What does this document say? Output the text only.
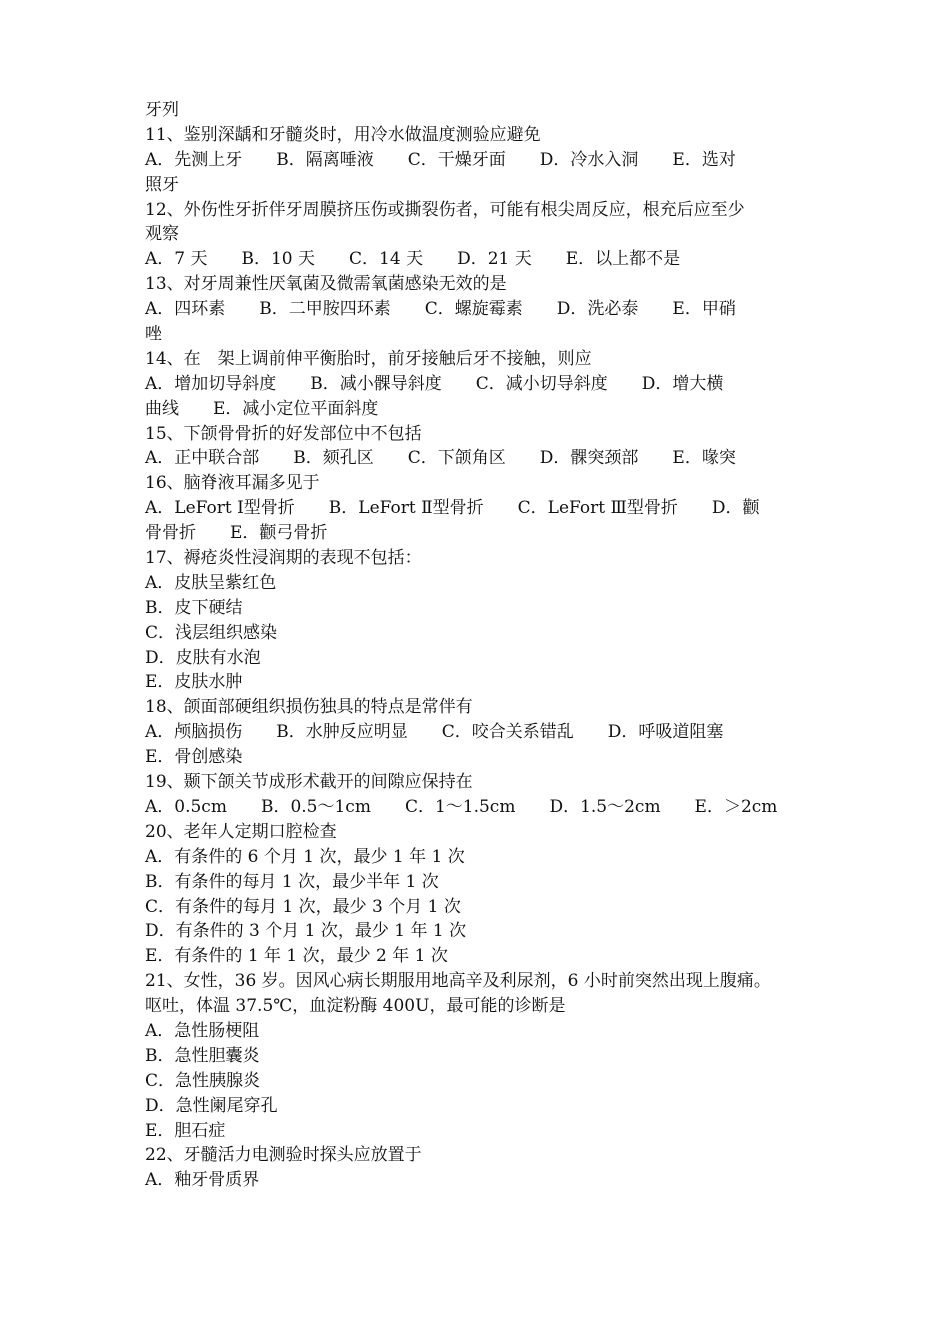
牙列
11、鉴别深龋和牙髓炎时，用冷水做温度测验应避免
A．先测上牙　　B．隔离唾液　　C．干燥牙面　　D．冷水入洞　　E．选对
照牙
12、外伤性牙折伴牙周膜挤压伤或撕裂伤者，可能有根尖周反应，根充后应至少
观察
A．7 天　　B．10 天　　C．14 天　　D．21 天　　E．以上都不是
13、对牙周兼性厌氧菌及微需氧菌感染无效的是
A．四环素　　B．二甲胺四环素　　C．螺旋霉素　　D．洗必泰　　E．甲硝
唑
14、在　架上调前伸平衡胎时，前牙接触后牙不接触，则应
A．增加切导斜度　　B．减小髁导斜度　　C．减小切导斜度　　D．增大横
曲线　　E．减小定位平面斜度
15、下颌骨骨折的好发部位中不包括
A．正中联合部　　B．颏孔区　　C．下颌角区　　D．髁突颈部　　E．喙突
16、脑脊液耳漏多见于
A．LeFort Ⅰ型骨折　　B．LeFort Ⅱ型骨折　　C．LeFort Ⅲ型骨折　　D．颧
骨骨折　　E．颧弓骨折
17、褥疮炎性浸润期的表现不包括：
A．皮肤呈紫红色
B．皮下硬结
C．浅层组织感染
D．皮肤有水泡
E．皮肤水肿
18、颌面部硬组织损伤独具的特点是常伴有
A．颅脑损伤　　B．水肿反应明显　　C．咬合关系错乱　　D．呼吸道阻塞
E．骨创感染
19、颞下颌关节成形术截开的间隙应保持在
A．0.5cm　　B．0.5～1cm　　C．1～1.5cm　　D．1.5～2cm　　E．＞2cm
20、老年人定期口腔检查
A．有条件的 6 个月 1 次，最少 1 年 1 次
B．有条件的每月 1 次，最少半年 1 次
C．有条件的每月 1 次，最少 3 个月 1 次
D．有条件的 3 个月 1 次，最少 1 年 1 次
E．有条件的 1 年 1 次，最少 2 年 1 次
21、女性，36 岁。因风心病长期服用地高辛及利尿剂，6 小时前突然出现上腹痛。
呕吐，体温 37.5℃，血淀粉酶 400U，最可能的诊断是
A．急性肠梗阻
B．急性胆囊炎
C．急性胰腺炎
D．急性阑尾穿孔
E．胆石症
22、牙髓活力电测验时探头应放置于
A．釉牙骨质界
